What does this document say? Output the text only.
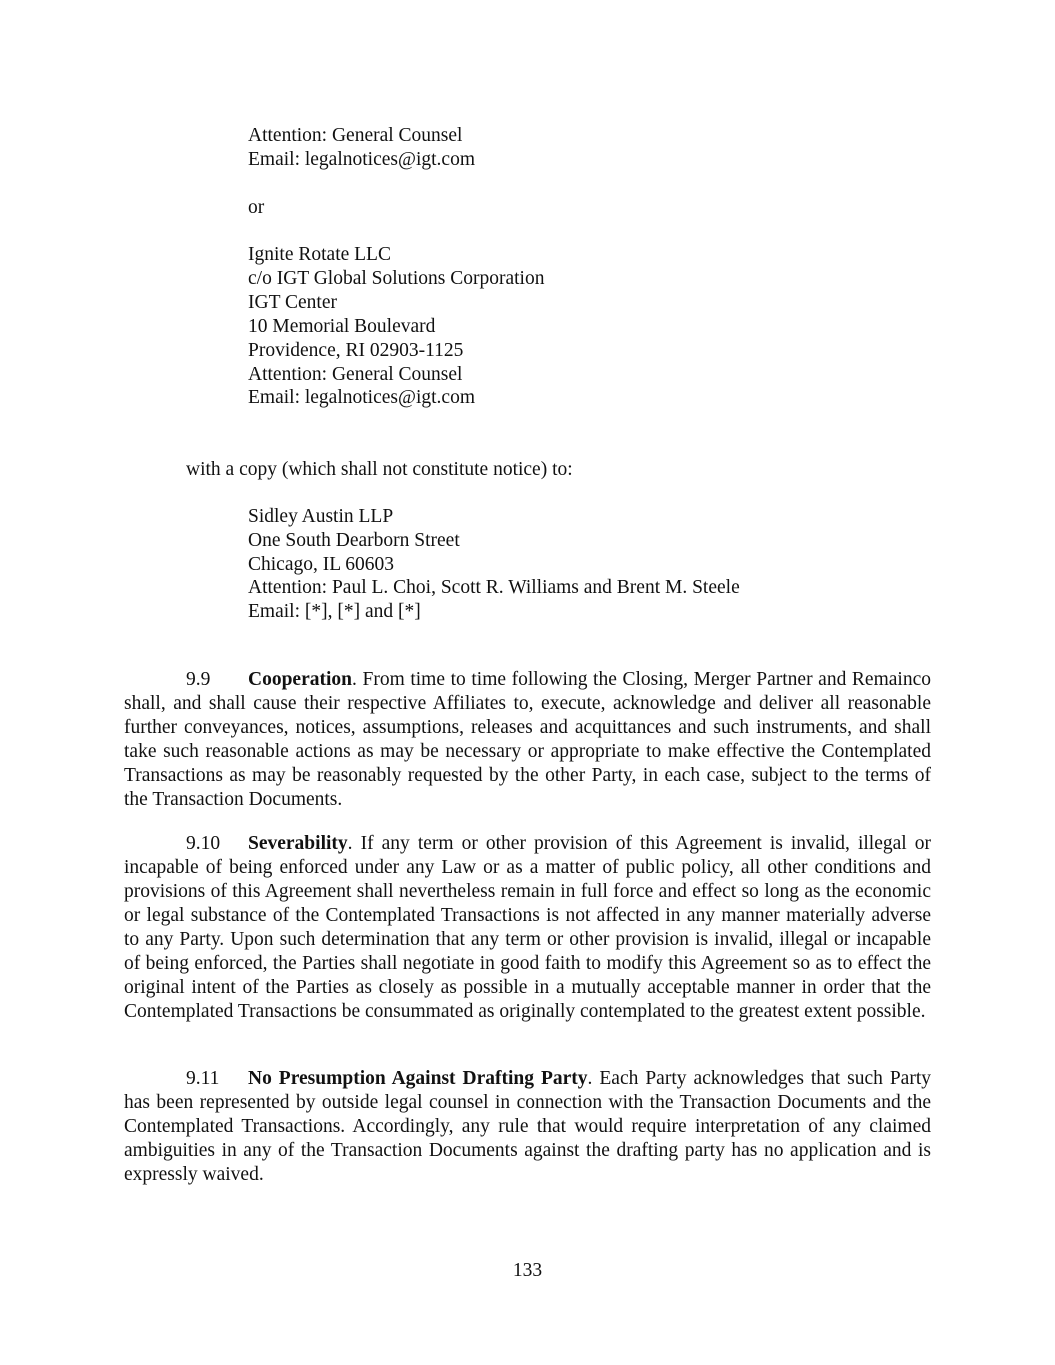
Attention: General Counsel
Email: legalnotices@igt.com
or
Ignite Rotate LLC
c/o IGT Global Solutions Corporation
IGT Center
10 Memorial Boulevard
Providence, RI 02903-1125
Attention: General Counsel
Email: legalnotices@igt.com
with a copy (which shall not constitute notice) to:
Sidley Austin LLP
One South Dearborn Street
Chicago, IL 60603
Attention: Paul L. Choi, Scott R. Williams and Brent M. Steele
Email: [*], [*] and [*]

9.9 Cooperation. From time to time following the Closing, Merger Partner and Remainco shall, and shall cause their respective Affiliates to, execute, acknowledge and deliver all reasonable further conveyances, notices, assumptions, releases and acquittances and such instruments, and shall take such reasonable actions as may be necessary or appropriate to make effective the Contemplated Transactions as may be reasonably requested by the other Party, in each case, subject to the terms of the Transaction Documents.

9.10 Severability. If any term or other provision of this Agreement is invalid, illegal or incapable of being enforced under any Law or as a matter of public policy, all other conditions and provisions of this Agreement shall nevertheless remain in full force and effect so long as the economic or legal substance of the Contemplated Transactions is not affected in any manner materially adverse to any Party. Upon such determination that any term or other provision is invalid, illegal or incapable of being enforced, the Parties shall negotiate in good faith to modify this Agreement so as to effect the original intent of the Parties as closely as possible in a mutually acceptable manner in order that the Contemplated Transactions be consummated as originally contemplated to the greatest extent possible.

9.11 No Presumption Against Drafting Party. Each Party acknowledges that such Party has been represented by outside legal counsel in connection with the Transaction Documents and the Contemplated Transactions. Accordingly, any rule that would require interpretation of any claimed ambiguities in any of the Transaction Documents against the drafting party has no application and is expressly waived.

133
